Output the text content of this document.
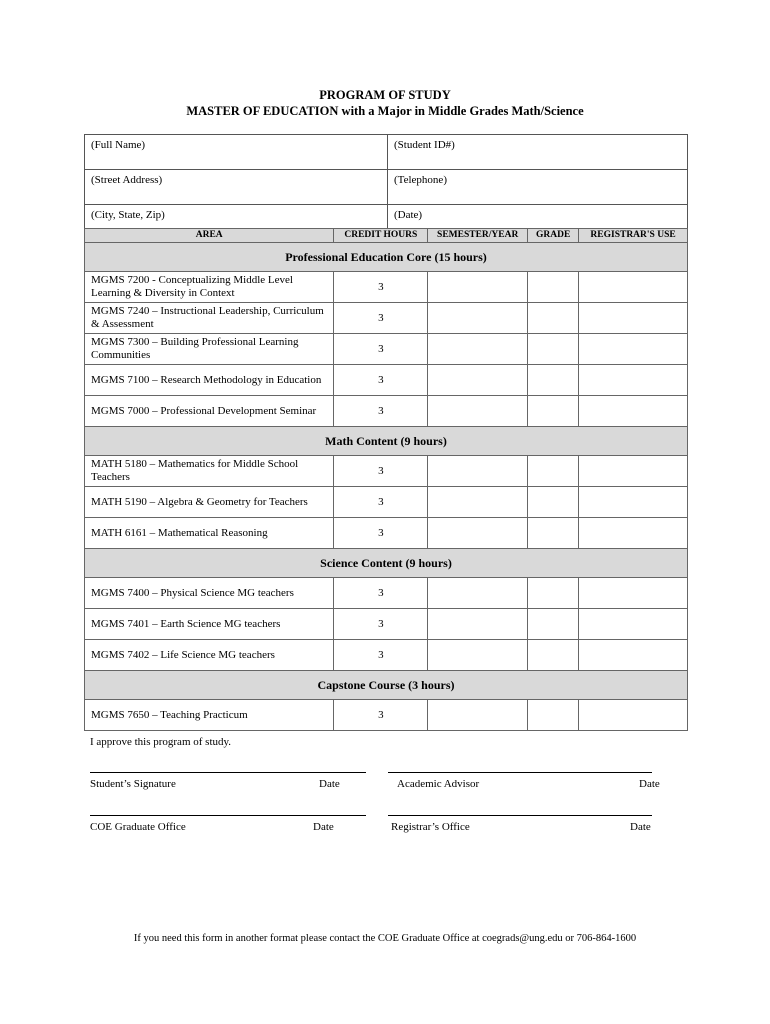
PROGRAM OF STUDY
MASTER OF EDUCATION with a Major in Middle Grades Math/Science
(Full Name)	(Student ID#)
(Street Address)	(Telephone)
(City, State, Zip)	(Date)
AREA	CREDIT HOURS	SEMESTER/YEAR	GRADE	REGISTRAR'S USE
Professional Education Core (15 hours)				
MGMS 7200 - Conceptualizing Middle Level Learning & Diversity in Context	3			
MGMS 7240 – Instructional Leadership, Curriculum & Assessment	3			
MGMS 7300 – Building Professional Learning Communities	3			
MGMS 7100 – Research Methodology in Education	3			
MGMS 7000 – Professional Development Seminar	3			
Math Content (9 hours)				
MATH 5180 – Mathematics for Middle School Teachers	3			
MATH 5190 – Algebra & Geometry for Teachers	3			
MATH 6161 – Mathematical Reasoning	3			
Science Content (9 hours)				
MGMS 7400 – Physical Science MG teachers	3			
MGMS 7401 – Earth Science MG teachers	3			
MGMS 7402 – Life Science MG teachers	3			
Capstone Course (3 hours)				
MGMS 7650 – Teaching Practicum	3			
I approve this program of study.
Student’s Signature	Date	Academic Advisor	Date
COE Graduate Office	Date	Registrar’s Office	Date
If you need this form in another format please contact the COE Graduate Office at coegrads@ung.edu or 706-864-1600
